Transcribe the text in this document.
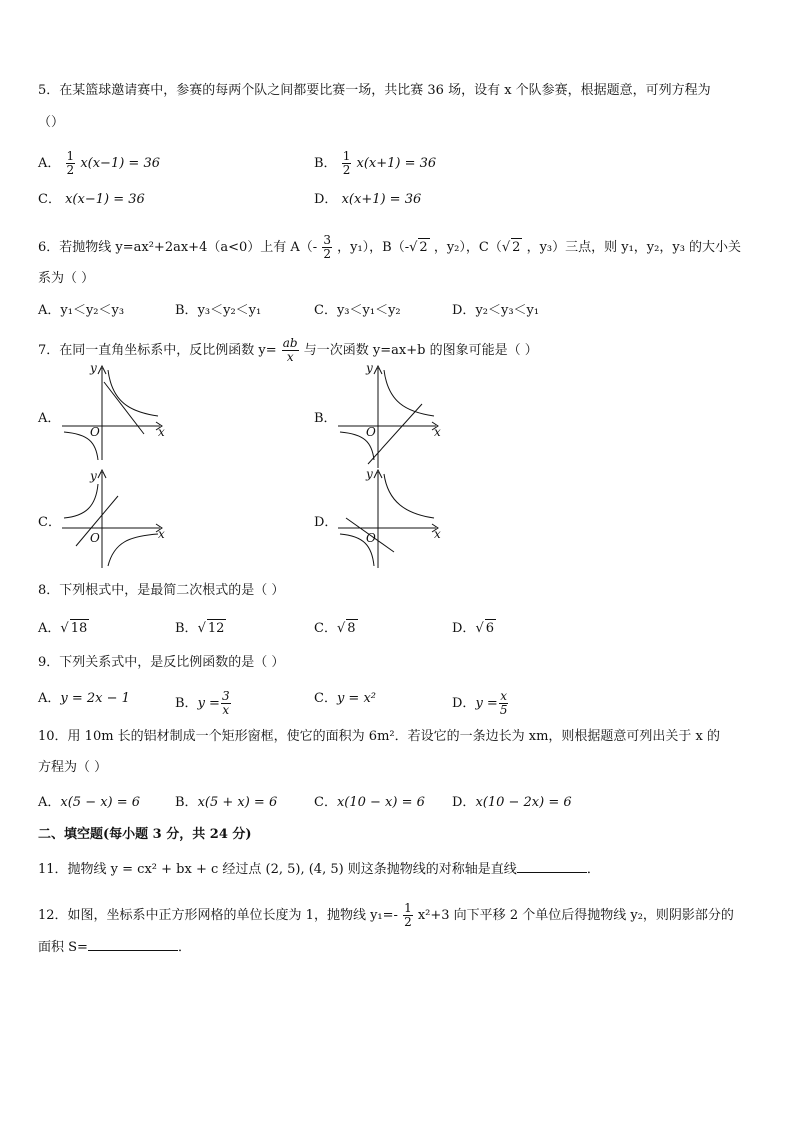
5．在某篮球邀请赛中，参赛的每两个队之间都要比赛一场，共比赛 36 场，设有 x 个队参赛，根据题意，可列方程为
（）
A． $\frac{1}{2} x(x-1) = 36$	B． $\frac{1}{2} x(x+1) = 36$
C． x(x−1) = 36	D． x(x+1) = 36
6．若抛物线 y=ax²+2ax+4（a<0）上有 $A(- \frac{3}{2}$ ，y₁），B（-√ 2 ，y₂），C（√ 2 ，y₃）三点，则 y₁，y₂，y₃ 的大小关
系为（ ）
A．y₁＜y₂＜y₃	B．y₃＜y₂＜y₁	C．y₃＜y₁＜y₂	D．y₂＜y₃＜y₁
7．在同一直角坐标系中，反比例函数 $y= \frac{ab}{x}$ 与一次函数 y=ax+b 的图象可能是（ ）
A．
x
y
O
B．
x
y
O
C．
x
y
O
D．
x
y
O
8．下列根式中，是最简二次根式的是（ ）
A．√ 18	B．√ 12	C．√ 8	D．√ 6
9．下列关系式中，是反比例函数的是（ ）
A．y = 2x − 1	B．$y = \frac{3}{x}$	C．y = x²	D．$y = \frac{x}{5}$
10．用 10m 长的铝材制成一个矩形窗框，使它的面积为 6m²．若设它的一条边长为 xm，则根据题意可列出关于 x 的
方程为（ ）
A．x(5 − x) = 6	B．x(5 + x) = 6	C．x(10 − x) = 6 D．x(10 − 2x) = 6
二、填空题(每小题 3 分，共 24 分)
11．抛物线 y = cx² + bx + c 经过点 (2, 5), (4, 5) 则这条抛物线的对称轴是直线	．
12．如图，坐标系中正方形网格的单位长度为 1，抛物线 $y_1=- \frac{1}{2} x^2+3$ 向下平移 2 个单位后得抛物线 y₂，则阴影部分的
面积 S=	．
